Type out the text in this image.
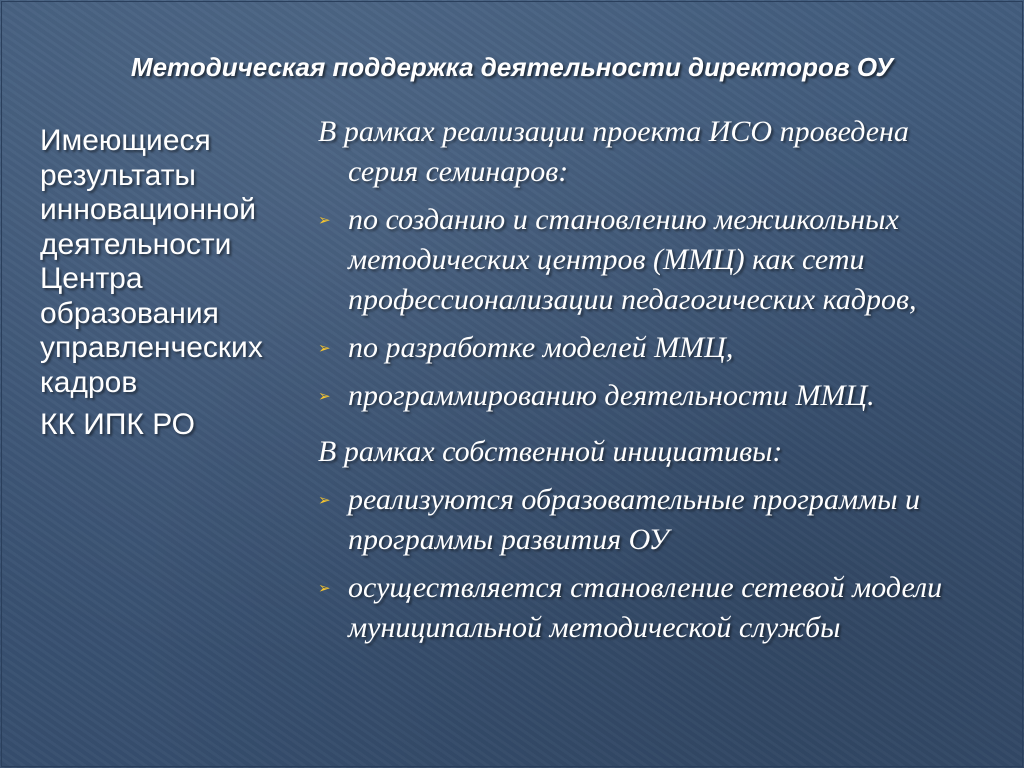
Методическая поддержка деятельности директоров ОУ
Имеющиеся
результаты
инновационной
деятельности
Центра
образования
управленческих
кадров
КК ИПК РО

В рамках реализации проекта ИСО проведена
серия семинаров:

➢ по созданию и становлению межшкольных методических центров (ММЦ) как сети профессионализации педагогических кадров,
➢ по разработке моделей ММЦ,
➢ программированию деятельности ММЦ.

В рамках собственной инициативы:

➢ реализуются образовательные программы и программы развития ОУ
➢ осуществляется становление сетевой модели муниципальной методической службы
